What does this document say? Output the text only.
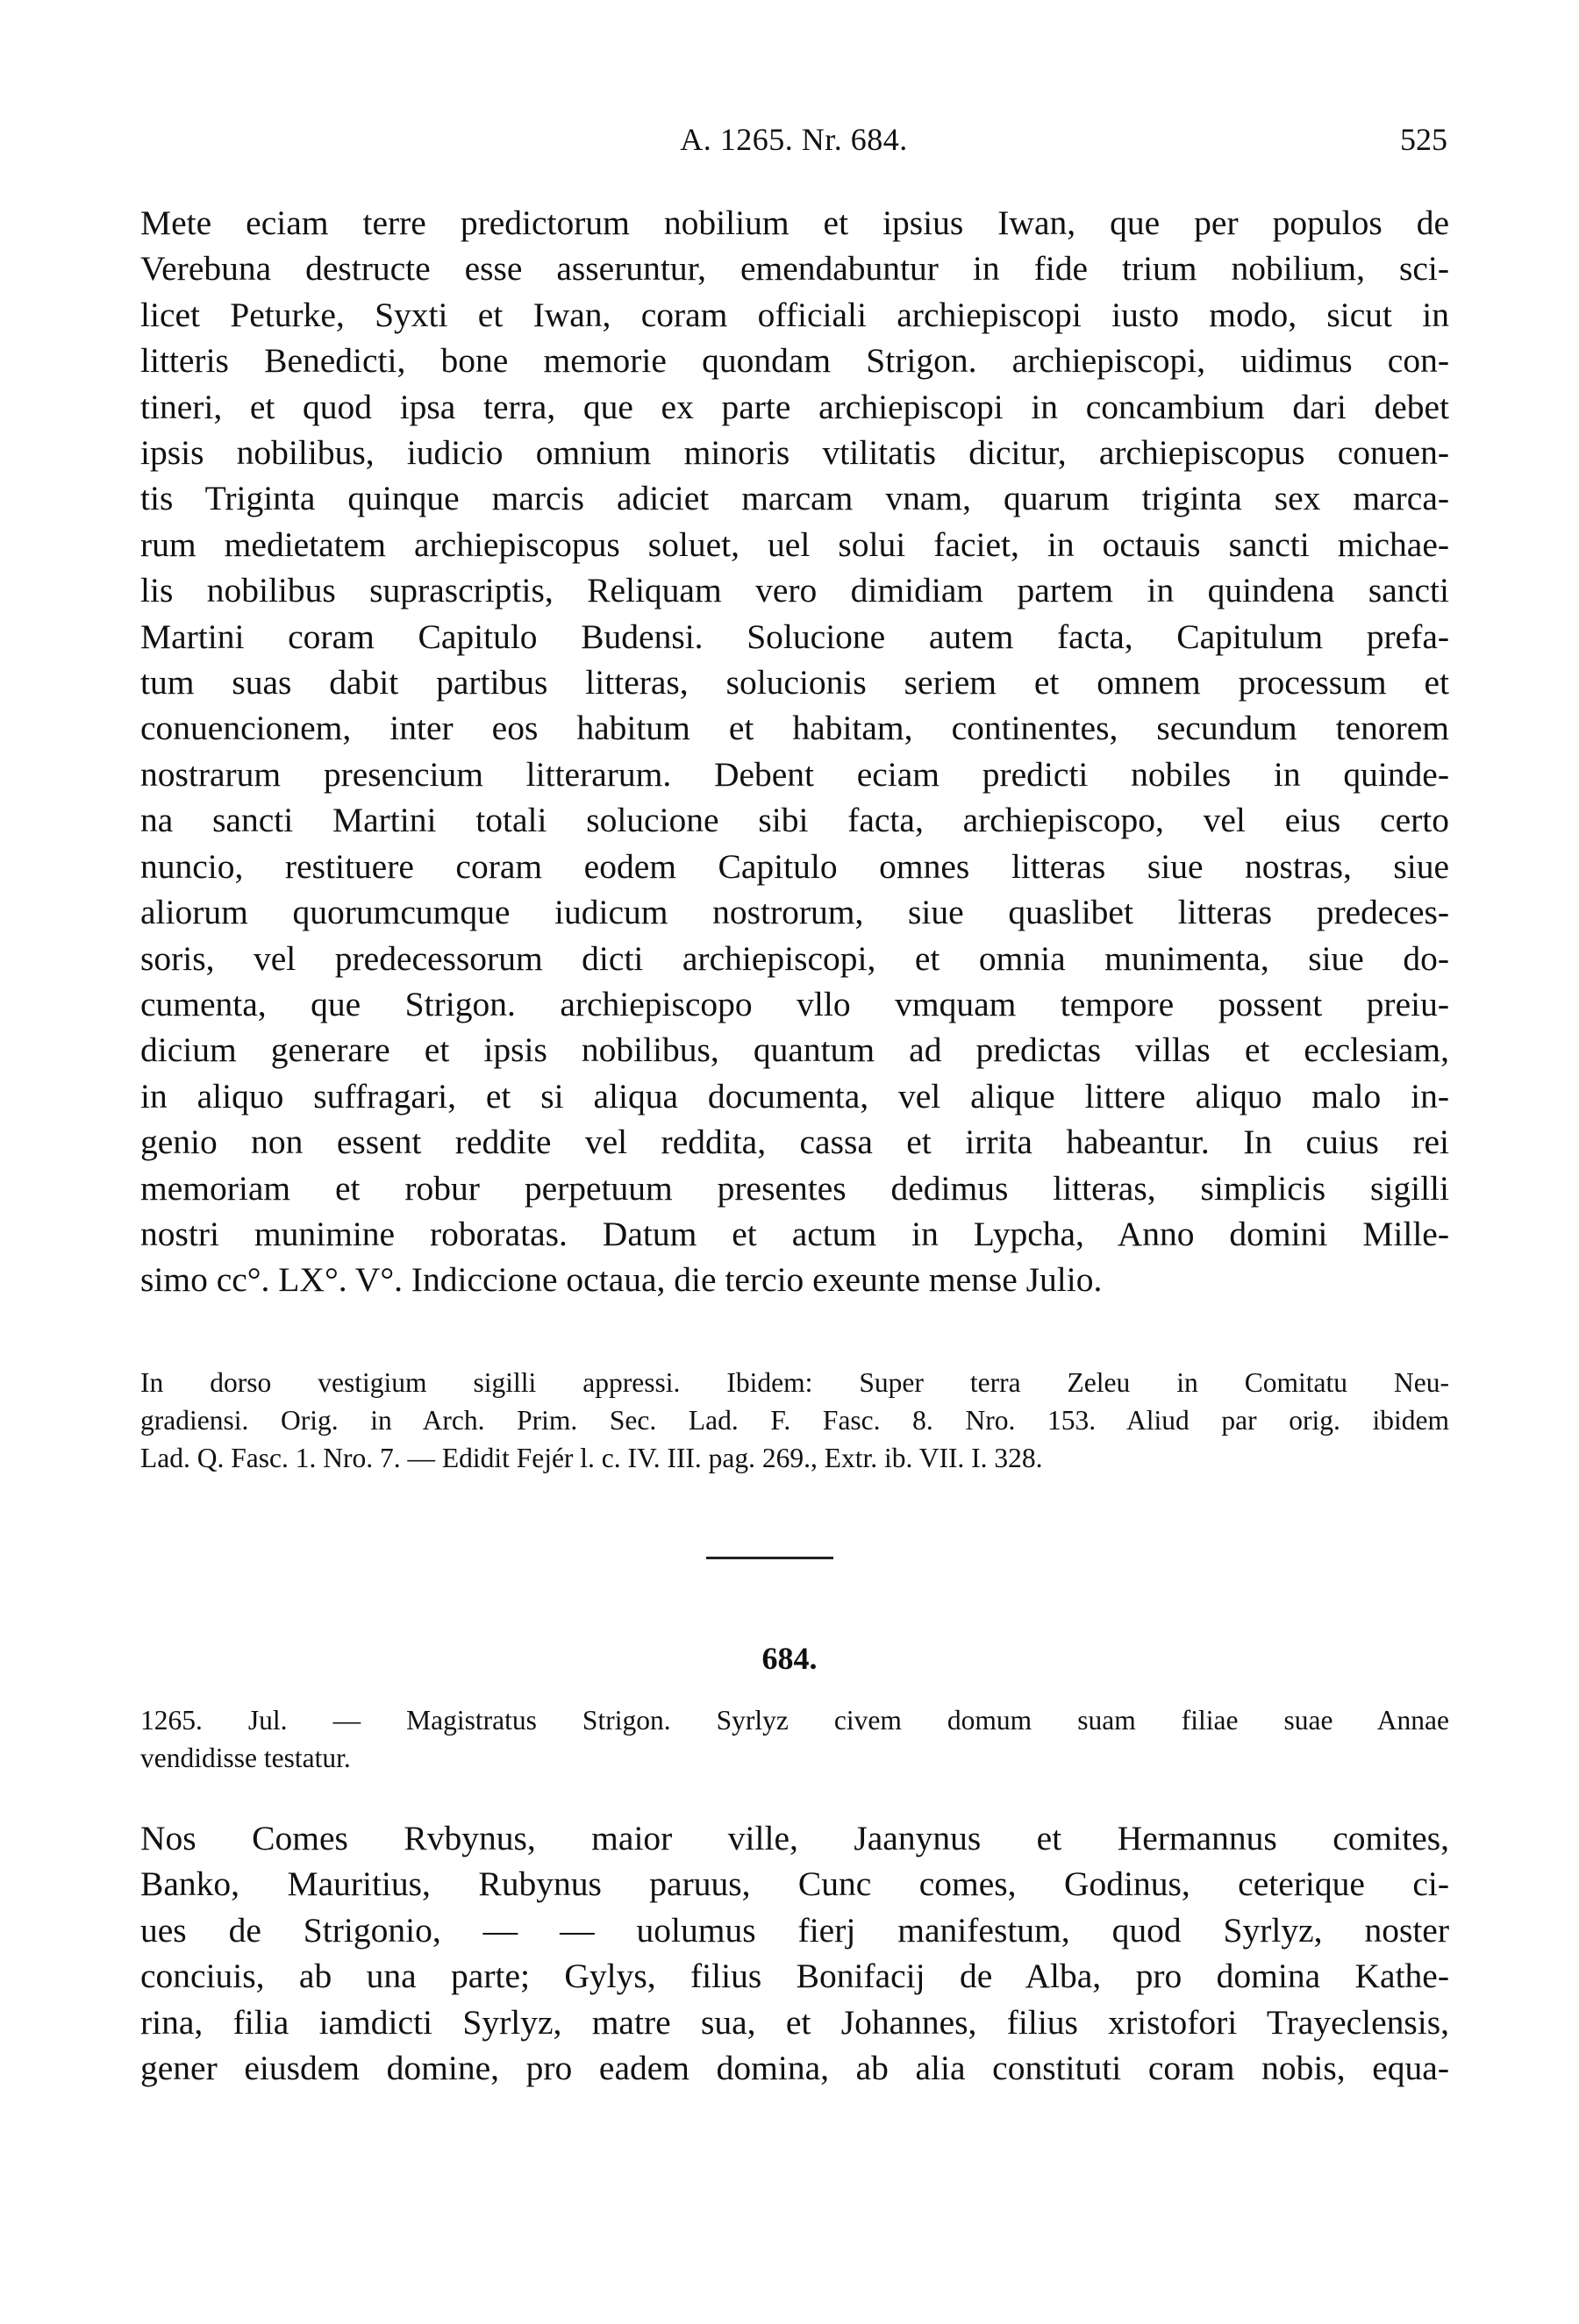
A. 1265. Nr. 684.	525
Mete eciam terre predictorum nobilium et ipsius Iwan, que per populos de
Verebuna destructe esse asseruntur, emendabuntur in fide trium nobilium, sci-
licet Peturke, Syxti et Iwan, coram officiali archiepiscopi iusto modo, sicut in
litteris Benedicti, bone memorie quondam Strigon. archiepiscopi, uidimus con-
tineri, et quod ipsa terra, que ex parte archiepiscopi in concambium dari debet
ipsis nobilibus, iudicio omnium minoris vtilitatis dicitur, archiepiscopus conuen-
tis Triginta quinque marcis adiciet marcam vnam, quarum triginta sex marca-
rum medietatem archiepiscopus soluet, uel solui faciet, in octauis sancti michae-
lis nobilibus suprascriptis, Reliquam vero dimidiam partem in quindena sancti
Martini coram Capitulo Budensi. Solucione autem facta, Capitulum prefa-
tum suas dabit partibus litteras, solucionis seriem et omnem processum et
conuencionem, inter eos habitum et habitam, continentes, secundum tenorem
nostrarum presencium litterarum. Debent eciam predicti nobiles in quinde-
na sancti Martini totali solucione sibi facta, archiepiscopo, vel eius certo
nuncio, restituere coram eodem Capitulo omnes litteras siue nostras, siue
aliorum quorumcumque iudicum nostrorum, siue quaslibet litteras predeces-
soris, vel predecessorum dicti archiepiscopi, et omnia munimenta, siue do-
cumenta, que Strigon. archiepiscopo vllo vmquam tempore possent preiu-
dicium generare et ipsis nobilibus, quantum ad predictas villas et ecclesiam,
in aliquo suffragari, et si aliqua documenta, vel alique littere aliquo malo in-
genio non essent reddite vel reddita, cassa et irrita habeantur. In cuius rei
memoriam et robur perpetuum presentes dedimus litteras, simplicis sigilli
nostri munimine roboratas. Datum et actum in Lypcha, Anno domini Mille-
simo cc°. LX°. V°. Indiccione octaua, die tercio exeunte mense Julio.
In dorso vestigium sigilli appressi. Ibidem: Super terra Zeleu in Comitatu Neu-
gradiensi. Orig. in Arch. Prim. Sec. Lad. F. Fasc. 8. Nro. 153. Aliud par orig. ibidem
Lad. Q. Fasc. 1. Nro. 7. — Edidit Fejér l. c. IV. III. pag. 269., Extr. ib. VII. I. 328.
684.
1265. Jul. — Magistratus Strigon. Syrlyz civem domum suam filiae suae Annae
vendidisse testatur.
Nos Comes Rvbynus, maior ville, Jaanynus et Hermannus comites,
Banko, Mauritius, Rubynus paruus, Cunc comes, Godinus, ceterique ci-
ues de Strigonio, — — uolumus fierj manifestum, quod Syrlyz, noster
conciuis, ab una parte; Gylys, filius Bonifacij de Alba, pro domina Kathe-
rina, filia iamdicti Syrlyz, matre sua, et Johannes, filius xristofori Trayeclensis,
gener eiusdem domine, pro eadem domina, ab alia constituti coram nobis, equa-
